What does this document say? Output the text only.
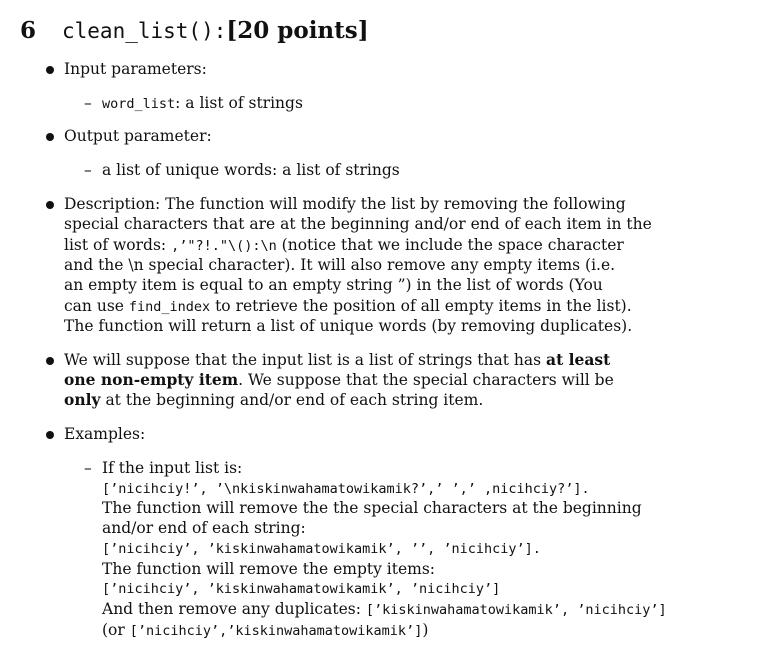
6 clean_list():[20 points]
Input parameters:
– word_list: a list of strings
Output parameter:
– a list of unique words: a list of strings
Description: The function will modify the list by removing the following
special characters that are at the beginning and/or end of each item in the
list of words: ,’"?!."\():\n (notice that we include the space character
and the \n special character). It will also remove any empty items (i.e.
an empty item is equal to an empty string ”) in the list of words (You
can use find_index to retrieve the position of all empty items in the list).
The function will return a list of unique words (by removing duplicates).
We will suppose that the input list is a list of strings that has at least
one non-empty item. We suppose that the special characters will be
only at the beginning and/or end of each string item.
Examples:
– If the input list is:
[’nicihciy!’, ’\nkiskinwahamatowikamik?’,’ ’,’ ,nicihciy?’].
The function will remove the the special characters at the beginning
and/or end of each string:
[’nicihciy’, ’kiskinwahamatowikamik’, ’’, ’nicihciy’].
The function will remove the empty items:
[’nicihciy’, ’kiskinwahamatowikamik’, ’nicihciy’]
And then remove any duplicates: [’kiskinwahamatowikamik’, ’nicihciy’]
(or [’nicihciy’,’kiskinwahamatowikamik’])
